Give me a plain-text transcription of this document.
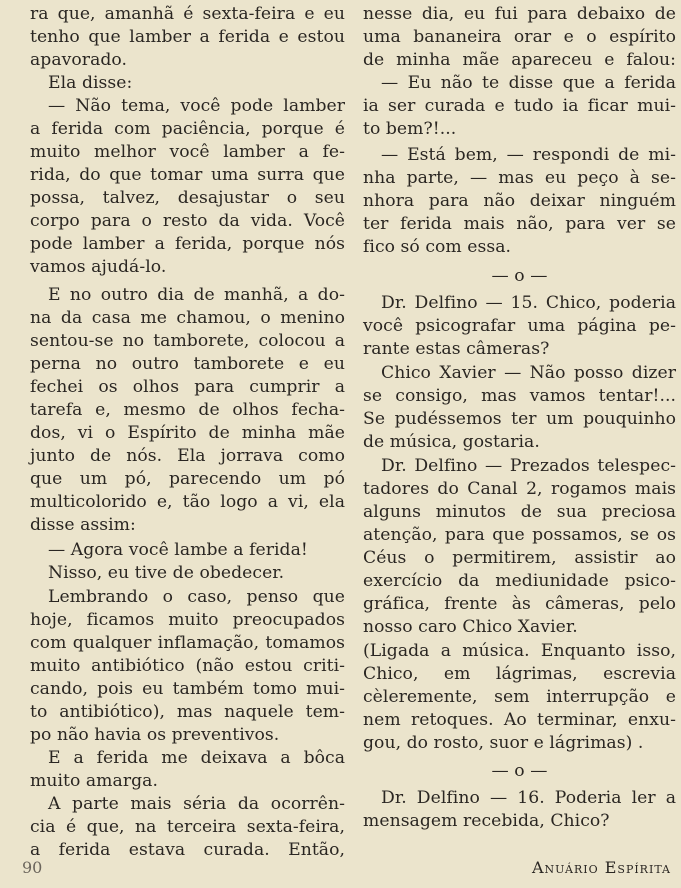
ra que, amanhã é sexta-feira e eu
tenho que lamber a ferida e estou
apavorado.
Ela disse:
— Não tema, você pode lamber
a ferida com paciência, porque é
muito melhor você lamber a fe-
rida, do que tomar uma surra que
possa, talvez, desajustar o seu
corpo para o resto da vida. Você
pode lamber a ferida, porque nós
vamos ajudá-lo.
E no outro dia de manhã, a do-
na da casa me chamou, o menino
sentou-se no tamborete, colocou a
perna no outro tamborete e eu
fechei os olhos para cumprir a
tarefa e, mesmo de olhos fecha-
dos, vi o Espírito de minha mãe
junto de nós. Ela jorrava como
que um pó, parecendo um pó
multicolorido e, tão logo a vi, ela
disse assim:
— Agora você lambe a ferida!
Nisso, eu tive de obedecer.
Lembrando o caso, penso que
hoje, ficamos muito preocupados
com qualquer inflamação, tomamos
muito antibiótico (não estou criti-
cando, pois eu também tomo mui-
to antibiótico), mas naquele tem-
po não havia os preventivos.
E a ferida me deixava a bôca
muito amarga.
A parte mais séria da ocorrên-
cia é que, na terceira sexta-feira,
a ferida estava curada. Então,
nesse dia, eu fui para debaixo de
uma bananeira orar e o espírito
de minha mãe apareceu e falou:
— Eu não te disse que a ferida
ia ser curada e tudo ia ficar mui-
to bem?!...
— Está bem, — respondi de mi-
nha parte, — mas eu peço à se-
nhora para não deixar ninguém
ter ferida mais não, para ver se
fico só com essa.
— o —
Dr. Delfino — 15. Chico, poderia
você psicografar uma página pe-
rante estas câmeras?
Chico Xavier — Não posso dizer
se consigo, mas vamos tentar!...
Se pudéssemos ter um pouquinho
de música, gostaria.
Dr. Delfino — Prezados telespec-
tadores do Canal 2, rogamos mais
alguns minutos de sua preciosa
atenção, para que possamos, se os
Céus o permitirem, assistir ao
exercício da mediunidade psico-
gráfica, frente às câmeras, pelo
nosso caro Chico Xavier.
(Ligada a música. Enquanto isso,
Chico, em lágrimas, escrevia
cèleremente, sem interrupção e
nem retoques. Ao terminar, enxu-
gou, do rosto, suor e lágrimas) .
— o —
Dr. Delfino — 16. Poderia ler a
mensagem recebida, Chico?
90	Anuário Espírita
